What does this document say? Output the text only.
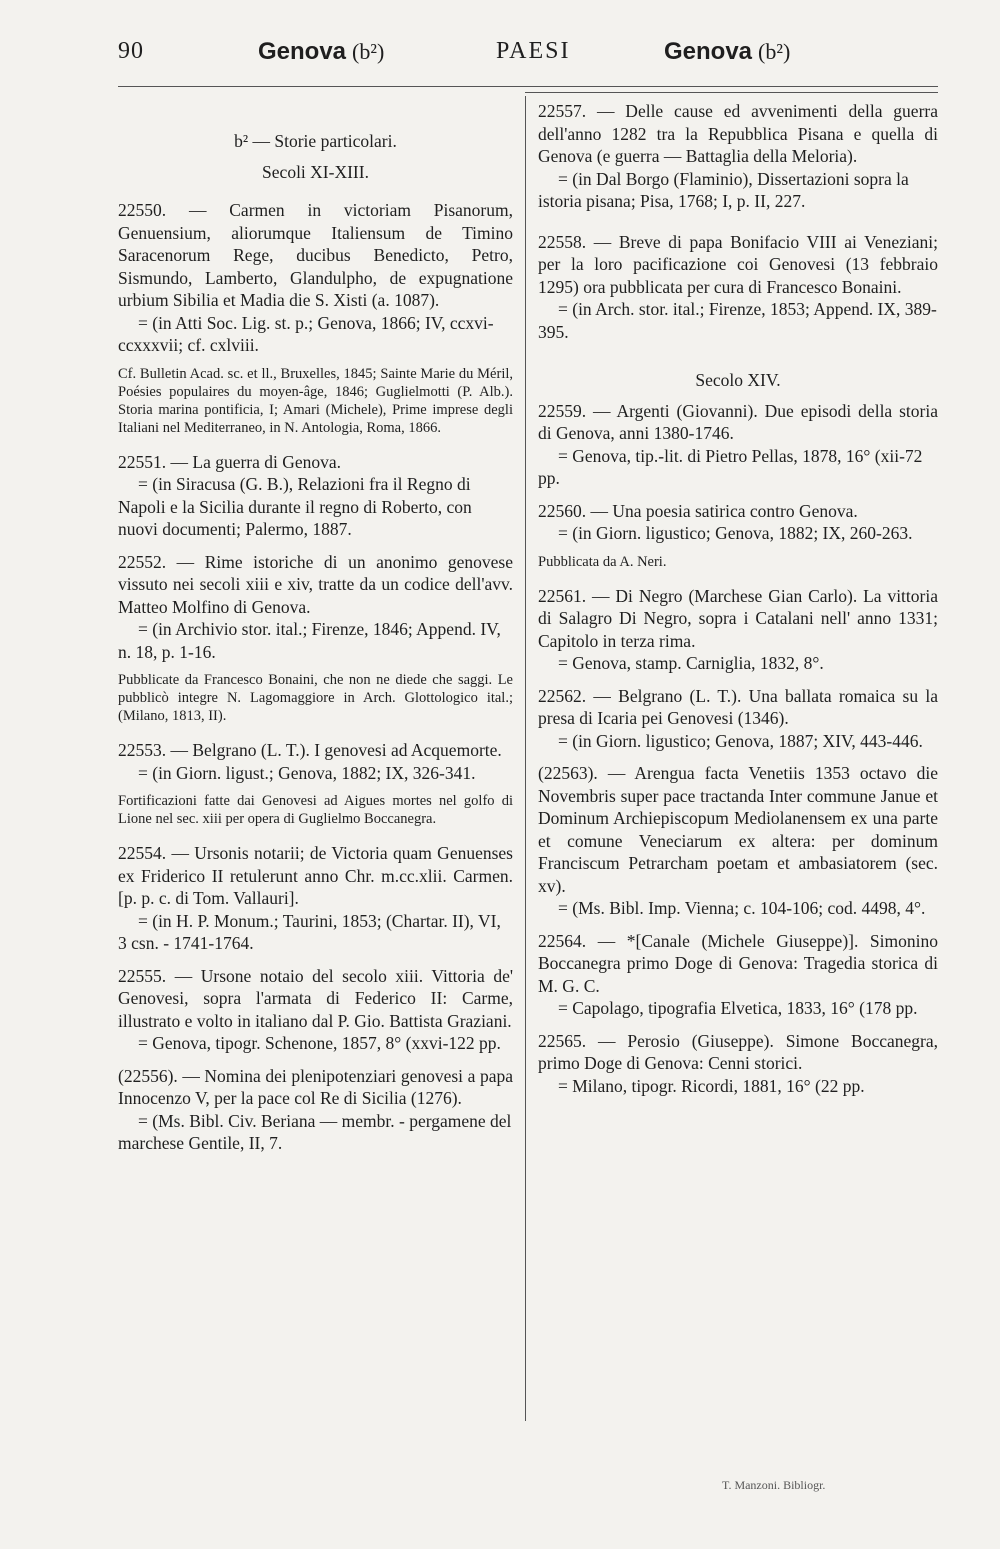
90	Genova (b²)	PAESI	Genova (b²)
b² — Storie particolari.
Secoli XI-XIII.

22550. — Carmen in victoriam Pisanorum, Genuensium, aliorumque Italiensum de Timino Saracenorum Rege, ducibus Benedicto, Petro, Sismundo, Lamberto, Glandulpho, de expugnatione urbium Sibilia et Madia die S. Xisti (a. 1087).

= (in Atti Soc. Lig. st. p.; Genova, 1866; IV, ccxvi-ccxxxvii; cf. cxlviii.

Cf. Bulletin Acad. sc. et ll., Bruxelles, 1845; Sainte Marie du Méril, Poésies populaires du moyen-âge, 1846; Guglielmotti (P. Alb.). Storia marina pontificia, I; Amari (Michele), Prime imprese degli Italiani nel Mediterraneo, in N. Antologia, Roma, 1866.

22551. — La guerra di Genova.

= (in Siracusa (G. B.), Relazioni fra il Regno di Napoli e la Sicilia durante il regno di Roberto, con nuovi documenti; Palermo, 1887.

22552. — Rime istoriche di un anonimo genovese vissuto nei secoli xiii e xiv, tratte da un codice dell'avv. Matteo Molfino di Genova.

= (in Archivio stor. ital.; Firenze, 1846; Append. IV, n. 18, p. 1-16.

Pubblicate da Francesco Bonaini, che non ne diede che saggi. Le pubblicò integre N. Lagomaggiore in Arch. Glottologico ital.; (Milano, 1813, II).

22553. — Belgrano (L. T.). I genovesi ad Acquemorte.

= (in Giorn. ligust.; Genova, 1882; IX, 326-341.

Fortificazioni fatte dai Genovesi ad Aigues mortes nel golfo di Lione nel sec. xiii per opera di Guglielmo Boccanegra.

22554. — Ursonis notarii; de Victoria quam Genuenses ex Friderico II retulerunt anno Chr. m.cc.xlii. Carmen. [p. p. c. di Tom. Vallauri].

= (in H. P. Monum.; Taurini, 1853; (Chartar. II), VI, 3 csn. - 1741-1764.

22555. — Ursone notaio del secolo xiii. Vittoria de' Genovesi, sopra l'armata di Federico II: Carme, illustrato e volto in italiano dal P. Gio. Battista Graziani.

= Genova, tipogr. Schenone, 1857, 8° (xxvi-122 pp.

(22556). — Nomina dei plenipotenziari genovesi a papa Innocenzo V, per la pace col Re di Sicilia (1276).

= (Ms. Bibl. Civ. Beriana — membr. - pergamene del marchese Gentile, II, 7.

22557. — Delle cause ed avvenimenti della guerra dell'anno 1282 tra la Repubblica Pisana e quella di Genova (e guerra — Battaglia della Meloria).

= (in Dal Borgo (Flaminio), Dissertazioni sopra la istoria pisana; Pisa, 1768; I, p. II, 227.

22558. — Breve di papa Bonifacio VIII ai Veneziani; per la loro pacificazione coi Genovesi (13 febbraio 1295) ora pubblicata per cura di Francesco Bonaini.

= (in Arch. stor. ital.; Firenze, 1853; Append. IX, 389-395.

Secolo XIV.

22559. — Argenti (Giovanni). Due episodi della storia di Genova, anni 1380-1746.

= Genova, tip.-lit. di Pietro Pellas, 1878, 16° (xii-72 pp.

22560. — Una poesia satirica contro Genova.

= (in Giorn. ligustico; Genova, 1882; IX, 260-263.

Pubblicata da A. Neri.

22561. — Di Negro (Marchese Gian Carlo). La vittoria di Salagro Di Negro, sopra i Catalani nell' anno 1331; Capitolo in terza rima.

= Genova, stamp. Carniglia, 1832, 8°.

22562. — Belgrano (L. T.). Una ballata romaica su la presa di Icaria pei Genovesi (1346).

= (in Giorn. ligustico; Genova, 1887; XIV, 443-446.

(22563). — Arengua facta Venetiis 1353 octavo die Novembris super pace tractanda Inter commune Janue et Dominum Archiepiscopum Mediolanensem ex una parte et comune Veneciarum ex altera: per dominum Franciscum Petrarcham poetam et ambasiatorem (sec. xv).

= (Ms. Bibl. Imp. Vienna; c. 104-106; cod. 4498, 4°.

22564. — *[Canale (Michele Giuseppe)]. Simonino Boccanegra primo Doge di Genova: Tragedia storica di M. G. C.

= Capolago, tipografia Elvetica, 1833, 16° (178 pp.

22565. — Perosio (Giuseppe). Simone Boccanegra, primo Doge di Genova: Cenni storici.

= Milano, tipogr. Ricordi, 1881, 16° (22 pp.

T. Manzoni. Bibliogr.
